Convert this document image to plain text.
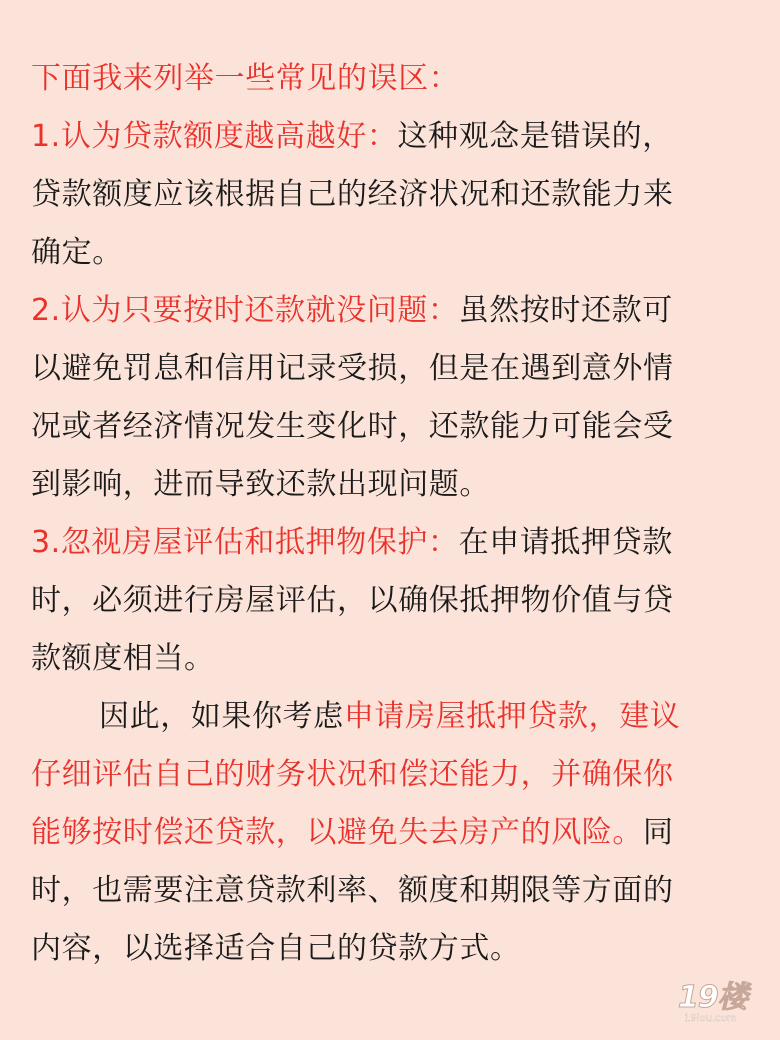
下面我来列举一些常见的误区：
1.认为贷款额度越高越好：这种观念是错误的，
贷款额度应该根据自己的经济状况和还款能力来
确定。
2.认为只要按时还款就没问题：虽然按时还款可
以避免罚息和信用记录受损，但是在遇到意外情
况或者经济情况发生变化时，还款能力可能会受
到影响，进而导致还款出现问题。
3.忽视房屋评估和抵押物保护：在申请抵押贷款
时，必须进行房屋评估，以确保抵押物价值与贷
款额度相当。
因此，如果你考虑申请房屋抵押贷款，建议
仔细评估自己的财务状况和偿还能力，并确保你
能够按时偿还贷款，以避免失去房产的风险。同
时，也需要注意贷款利率、额度和期限等方面的
内容，以选择适合自己的贷款方式。
19楼
19lou.com
